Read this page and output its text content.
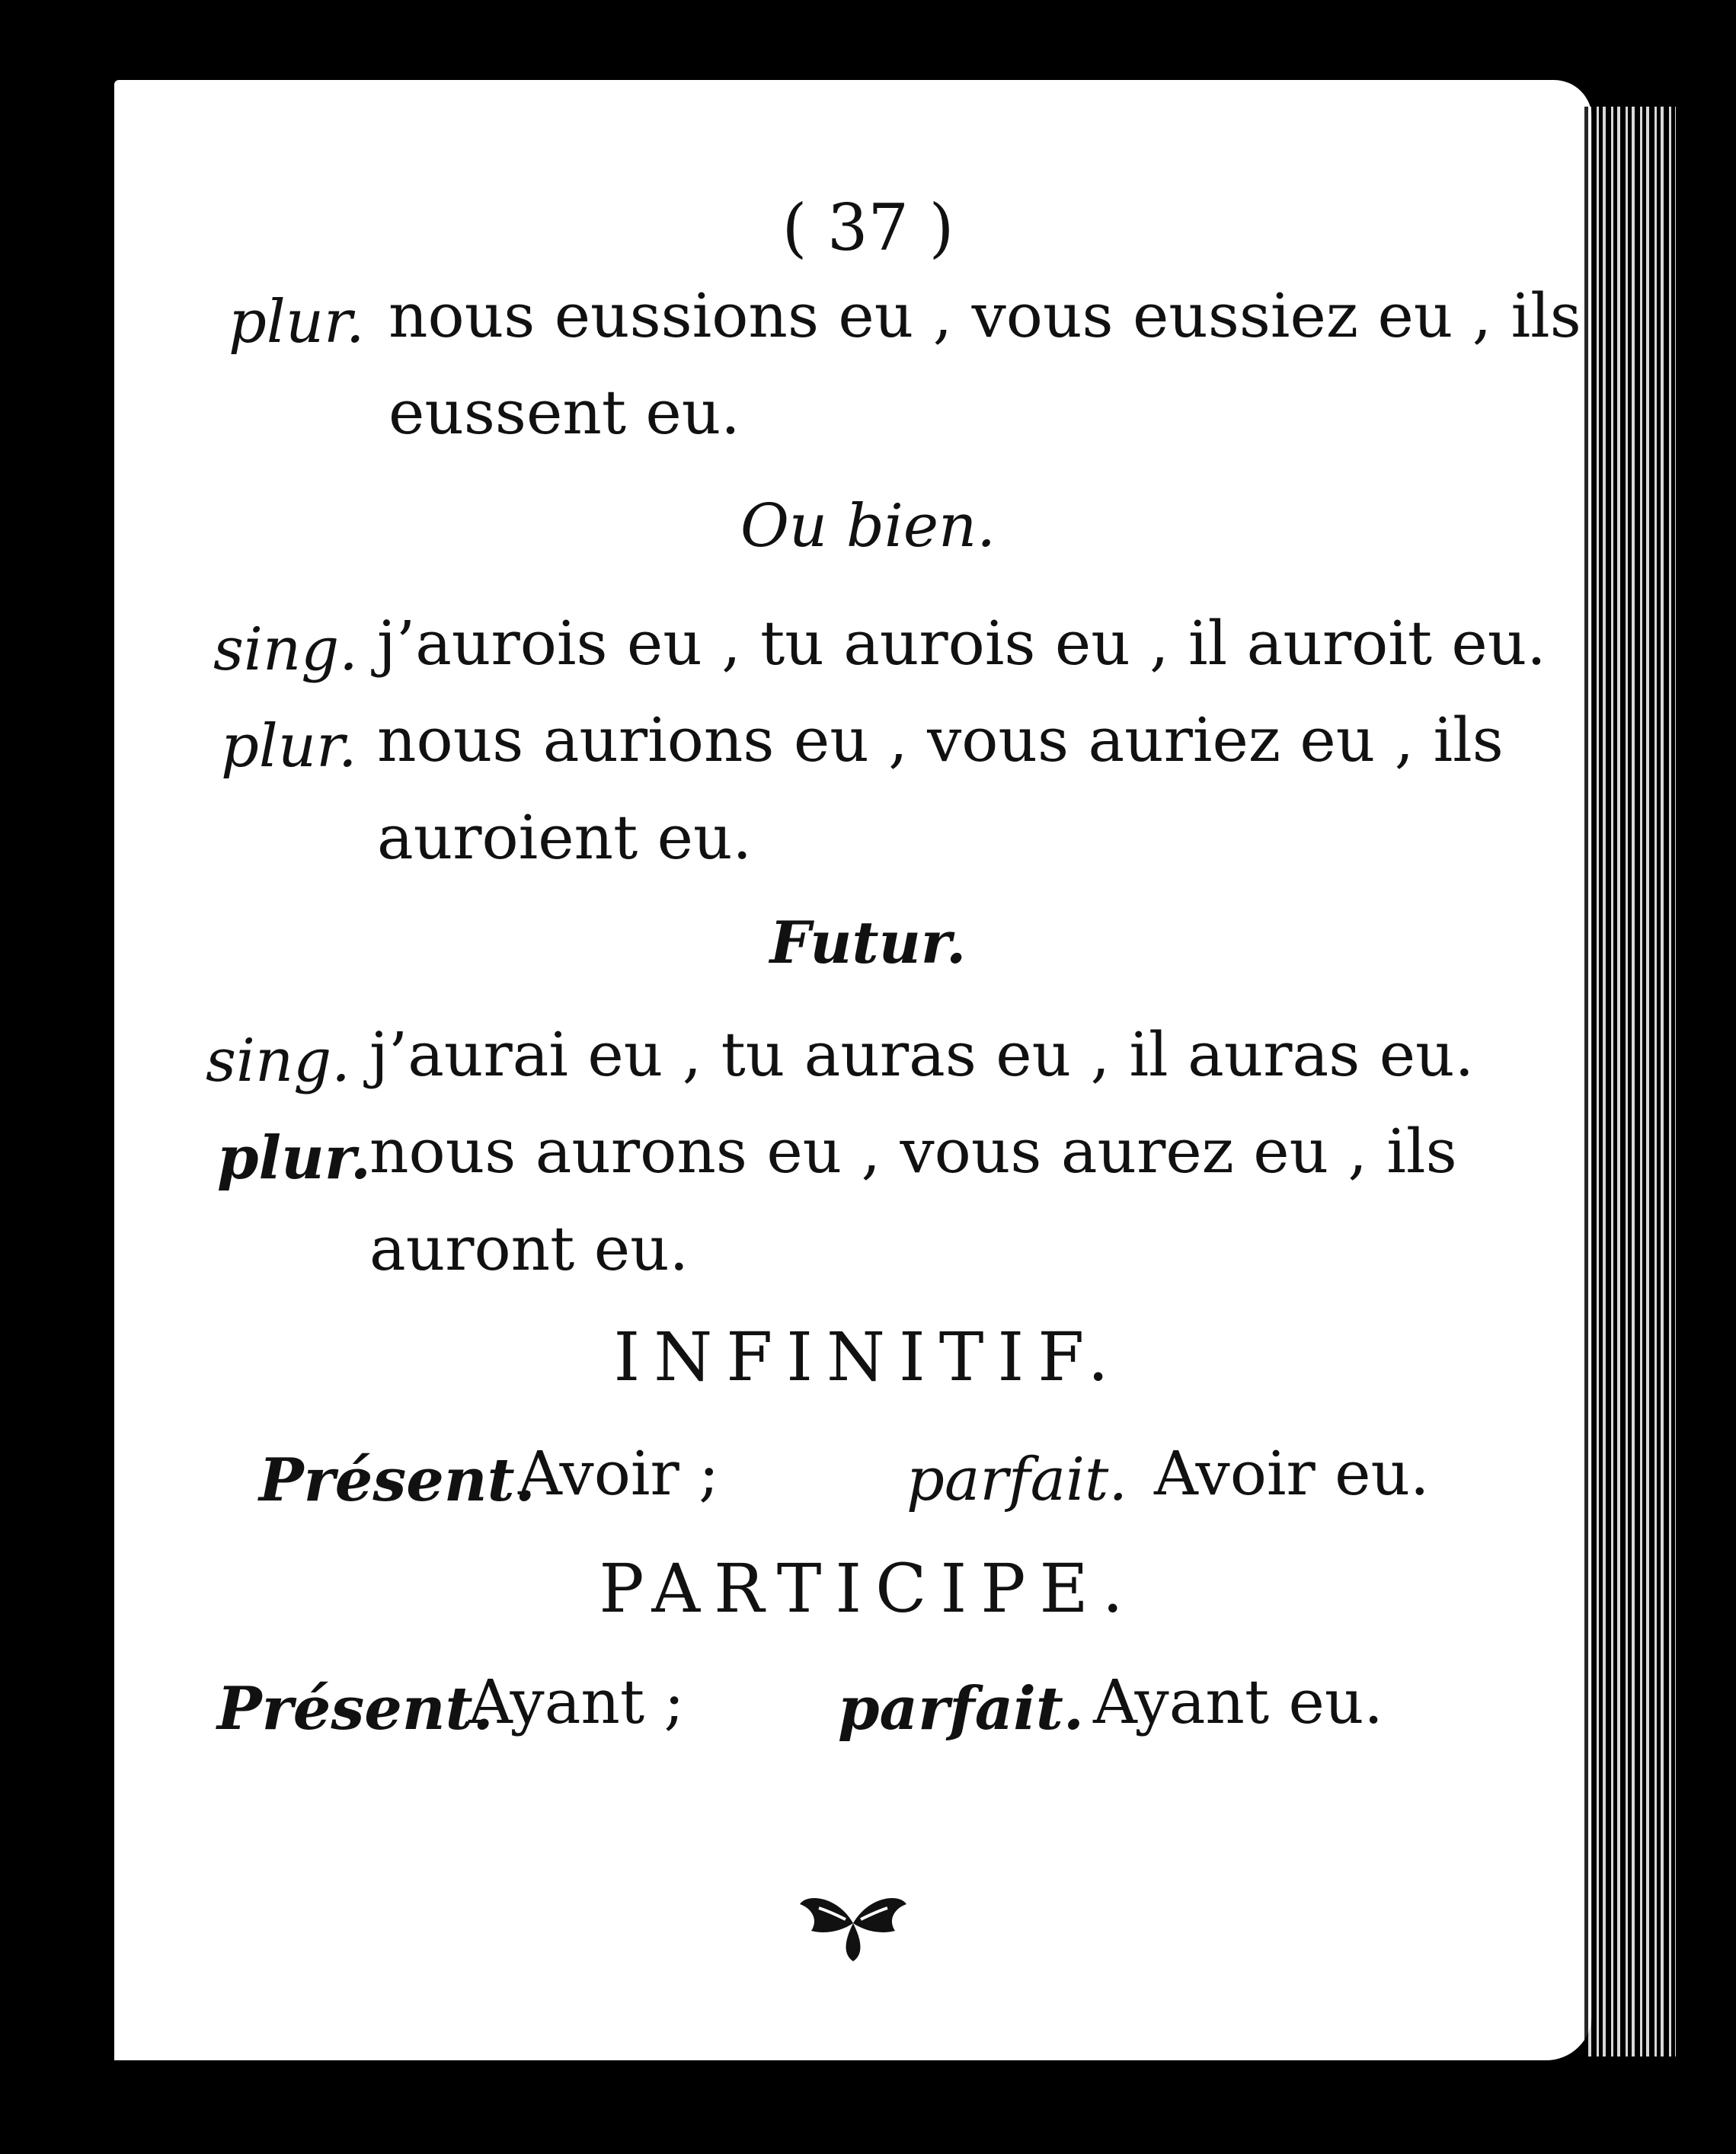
( 37 )
plur. nous eussions eu , vous eussiez eu , ils
eussent eu.
Ou bien.
sing. j’aurois eu , tu aurois eu , il auroit eu.
plur. nous aurions eu , vous auriez eu , ils
auroient eu.
Futur.
sing. j’aurai eu , tu auras eu , il auras eu.
plur.
nous aurons eu , vous aurez eu , ils
auront eu.
INFINITIF.
Présent.
Avoir ;	parfait. Avoir eu.
PARTICIPE.
Présent.
Ayant ;	parfait. Ayant eu.
